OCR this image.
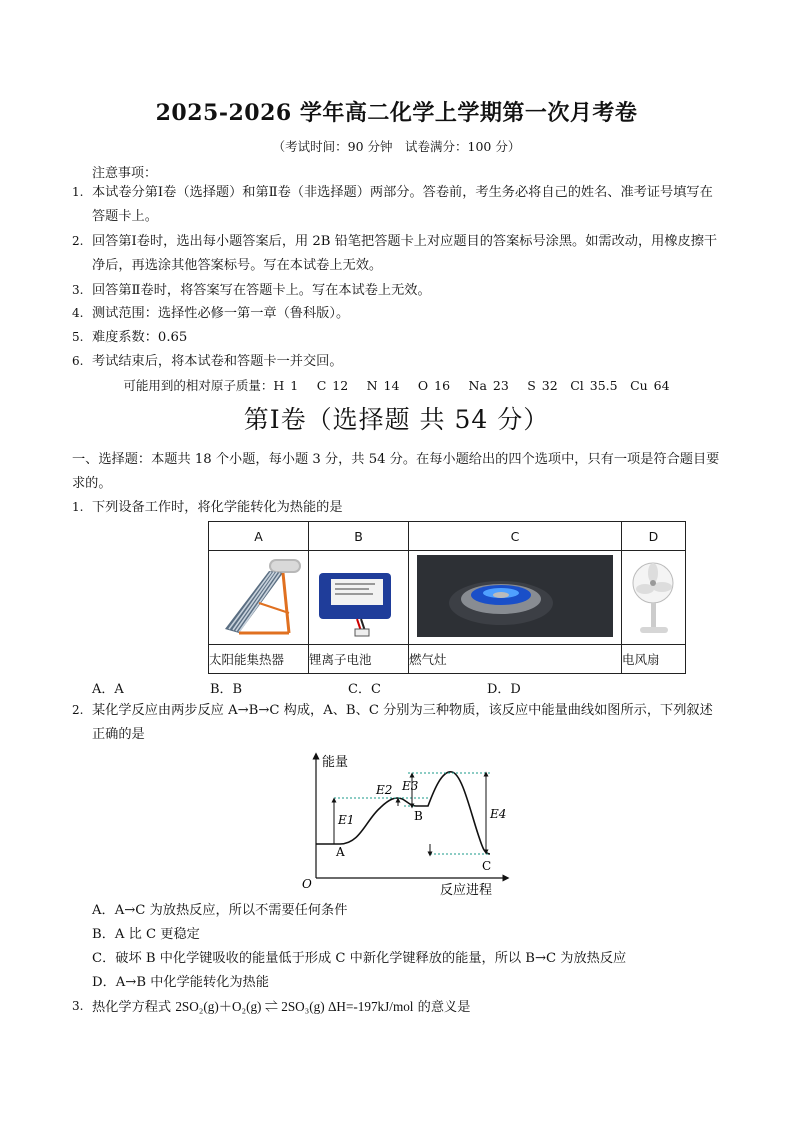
2025-2026 学年高二化学上学期第一次月考卷
（考试时间：90 分钟　试卷满分：100 分）
注意事项：
1. 本试卷分第Ⅰ卷（选择题）和第Ⅱ卷（非选择题）两部分。答卷前，考生务必将自己的姓名、准考证号填写在答题卡上。
2. 回答第Ⅰ卷时，选出每小题答案后，用 2B 铅笔把答题卡上对应题目的答案标号涂黑。如需改动，用橡皮擦干净后，再选涂其他答案标号。写在本试卷上无效。
3. 回答第Ⅱ卷时，将答案写在答题卡上。写在本试卷上无效。
4. 测试范围：选择性必修一第一章（鲁科版）。
5. 难度系数：0.65
6. 考试结束后，将本试卷和答题卡一并交回。
可能用到的相对原子质量：H 1　 C 12　 N 14　 O 16　 Na 23　 S 32　Cl 35.5　Cu 64
第Ⅰ卷（选择题 共 54 分）
一、选择题：本题共 18 个小题，每小题 3 分，共 54 分。在每小题给出的四个选项中，只有一项是符合题目要求的。
1. 下列设备工作时，将化学能转化为热能的是
A	B	C	D

太阳能集热器	锂离子电池	燃气灶	电风扇
A．A	B．B	C．C	D．D
2. 某化学反应由两步反应 A→B→C 构成，A、B、C 分别为三种物质，该反应中能量曲线如图所示，下列叙述正确的是
能量
反应进程
O
A
B
C
E1
E2 E3
E4
A．A→C 为放热反应，所以不需要任何条件
B．A 比 C 更稳定
C．破坏 B 中化学键吸收的能量低于形成 C 中新化学键释放的能量，所以 B→C 为放热反应
D．A→B 中化学能转化为热能
3. 热化学方程式 2SO₂(g)＋O₂(g) ⇌ 2SO₃(g) ΔH=-197kJ/mol 的意义是
